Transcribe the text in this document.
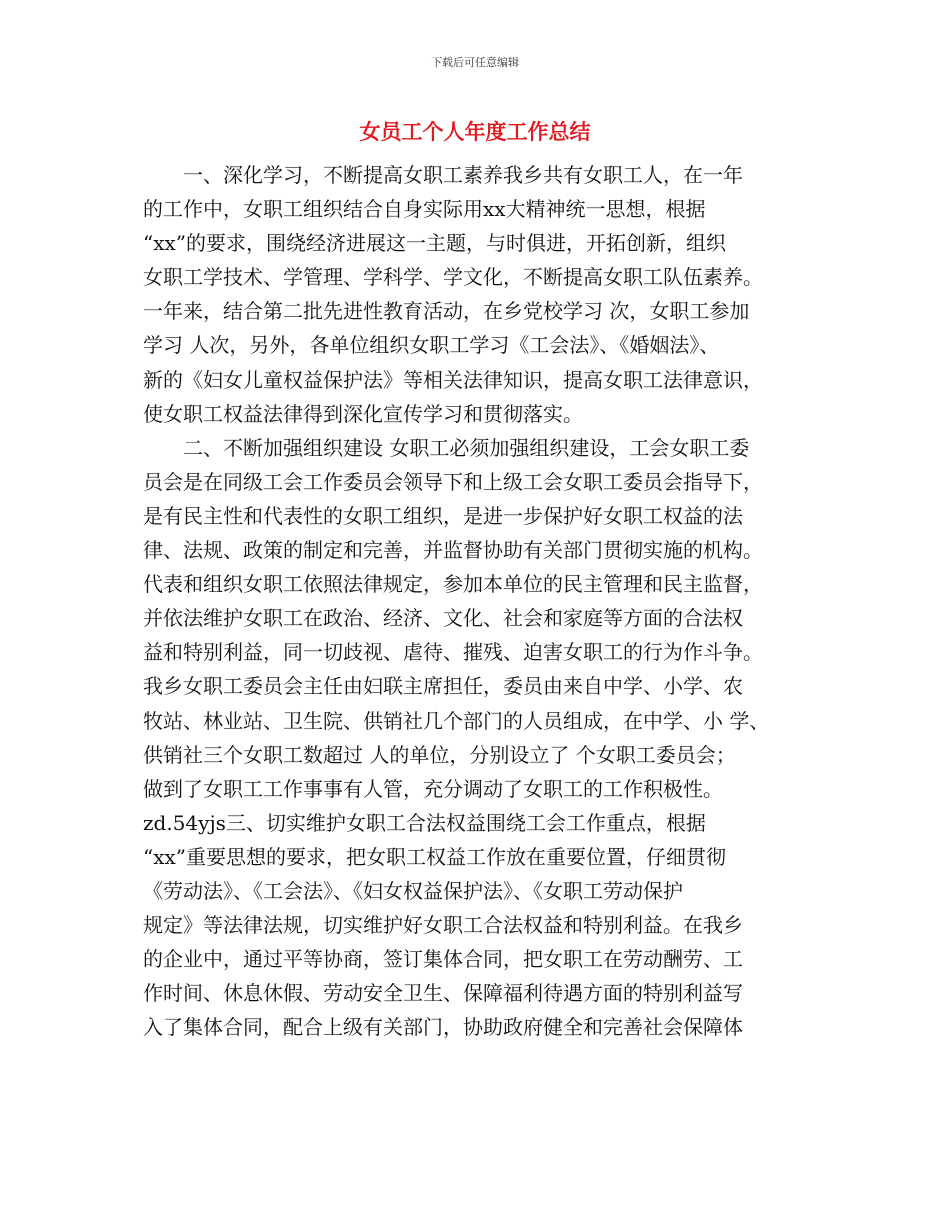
下载后可任意编辑
女员工个人年度工作总结
　　一、深化学习，不断提高女职工素养我乡共有女职工人，在一年
的工作中，女职工组织结合自身实际用xx大精神统一思想，根据
“xx”的要求，围绕经济进展这一主题，与时俱进，开拓创新，组织
女职工学技术、学管理、学科学、学文化，不断提高女职工队伍素养。
一年来，结合第二批先进性教育活动，在乡党校学习 次，女职工参加
学习 人次，另外，各单位组织女职工学习《工会法》、《婚姻法》、
新的《妇女儿童权益保护法》等相关法律知识，提高女职工法律意识，
使女职工权益法律得到深化宣传学习和贯彻落实。
　　二、不断加强组织建设 女职工必须加强组织建设，工会女职工委
员会是在同级工会工作委员会领导下和上级工会女职工委员会指导下，
是有民主性和代表性的女职工组织，是进一步保护好女职工权益的法
律、法规、政策的制定和完善，并监督协助有关部门贯彻实施的机构。
代表和组织女职工依照法律规定，参加本单位的民主管理和民主监督，
并依法维护女职工在政治、经济、文化、社会和家庭等方面的合法权
益和特别利益，同一切歧视、虐待、摧残、迫害女职工的行为作斗争。
我乡女职工委员会主任由妇联主席担任，委员由来自中学、小学、农
牧站、林业站、卫生院、供销社几个部门的人员组成，在中学、小 学、
供销社三个女职工数超过 人的单位，分别设立了 个女职工委员会；
做到了女职工工作事事有人管，充分调动了女职工的工作积极性。
zd.54yjs三、切实维护女职工合法权益围绕工会工作重点，根据
“xx”重要思想的要求，把女职工权益工作放在重要位置，仔细贯彻
《劳动法》、《工会法》、《妇女权益保护法》、《女职工劳动保护
规定》等法律法规，切实维护好女职工合法权益和特别利益。在我乡
的企业中，通过平等协商，签订集体合同，把女职工在劳动酬劳、工
作时间、休息休假、劳动安全卫生、保障福利待遇方面的特别利益写
入了集体合同，配合上级有关部门，协助政府健全和完善社会保障体
